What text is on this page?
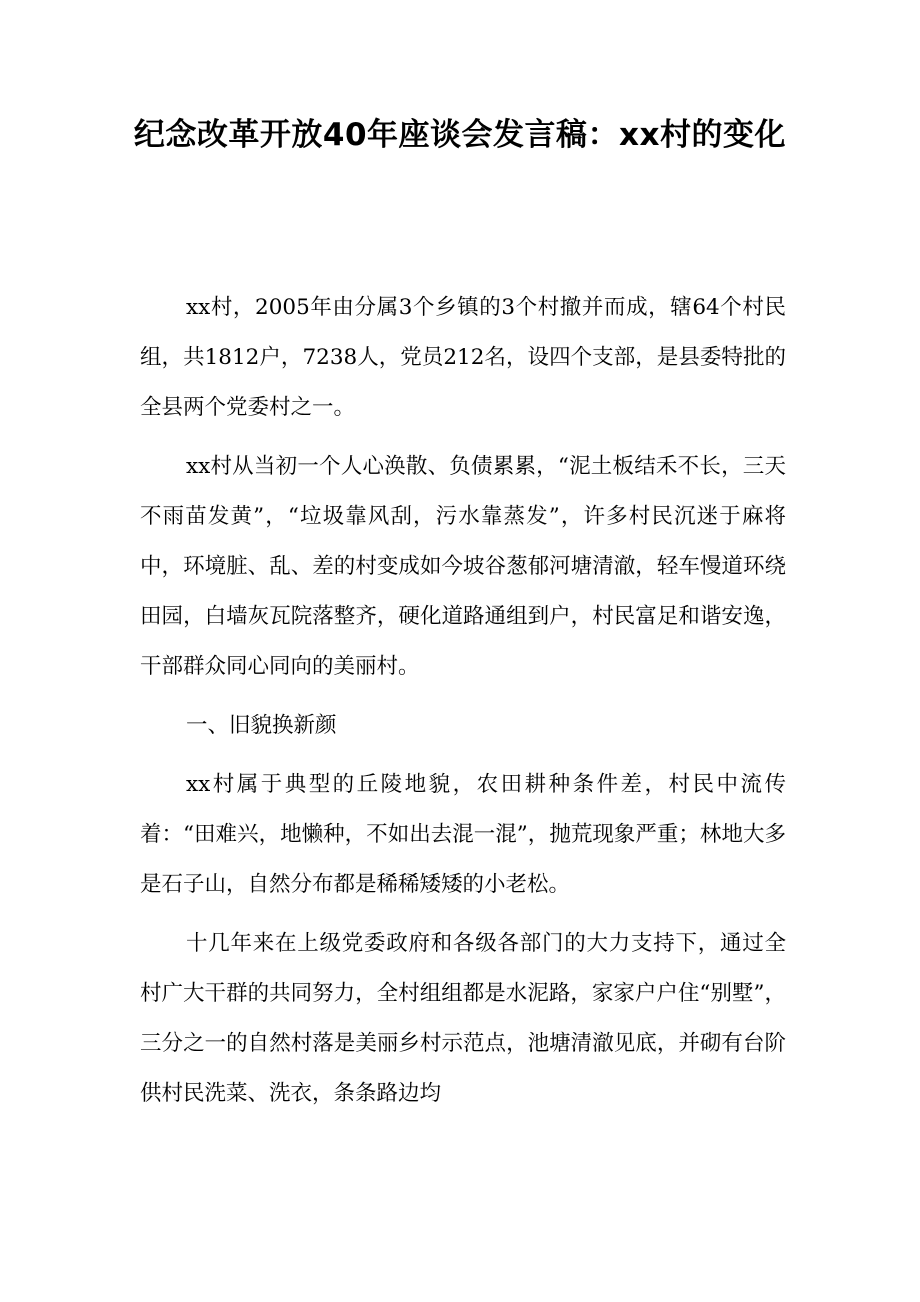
纪念改革开放40年座谈会发言稿：xx村的变化

xx村，2005年由分属3个乡镇的3个村撤并而成，辖64个村民组，共1812户，7238人，党员212名，设四个支部，是县委特批的全县两个党委村之一。

xx村从当初一个人心涣散、负债累累，“泥土板结禾不长，三天不雨苗发黄”，“垃圾靠风刮，污水靠蒸发”，许多村民沉迷于麻将中，环境脏、乱、差的村变成如今坡谷葱郁河塘清澈，轻车慢道环绕田园，白墙灰瓦院落整齐，硬化道路通组到户，村民富足和谐安逸，干部群众同心同向的美丽村。

一、旧貌换新颜

xx村属于典型的丘陵地貌，农田耕种条件差，村民中流传着：“田难兴，地懒种，不如出去混一混”，抛荒现象严重；林地大多是石子山，自然分布都是稀稀矮矮的小老松。

十几年来在上级党委政府和各级各部门的大力支持下，通过全村广大干群的共同努力，全村组组都是水泥路，家家户户住“别墅”，三分之一的自然村落是美丽乡村示范点，池塘清澈见底，并砌有台阶供村民洗菜、洗衣，条条路边均
